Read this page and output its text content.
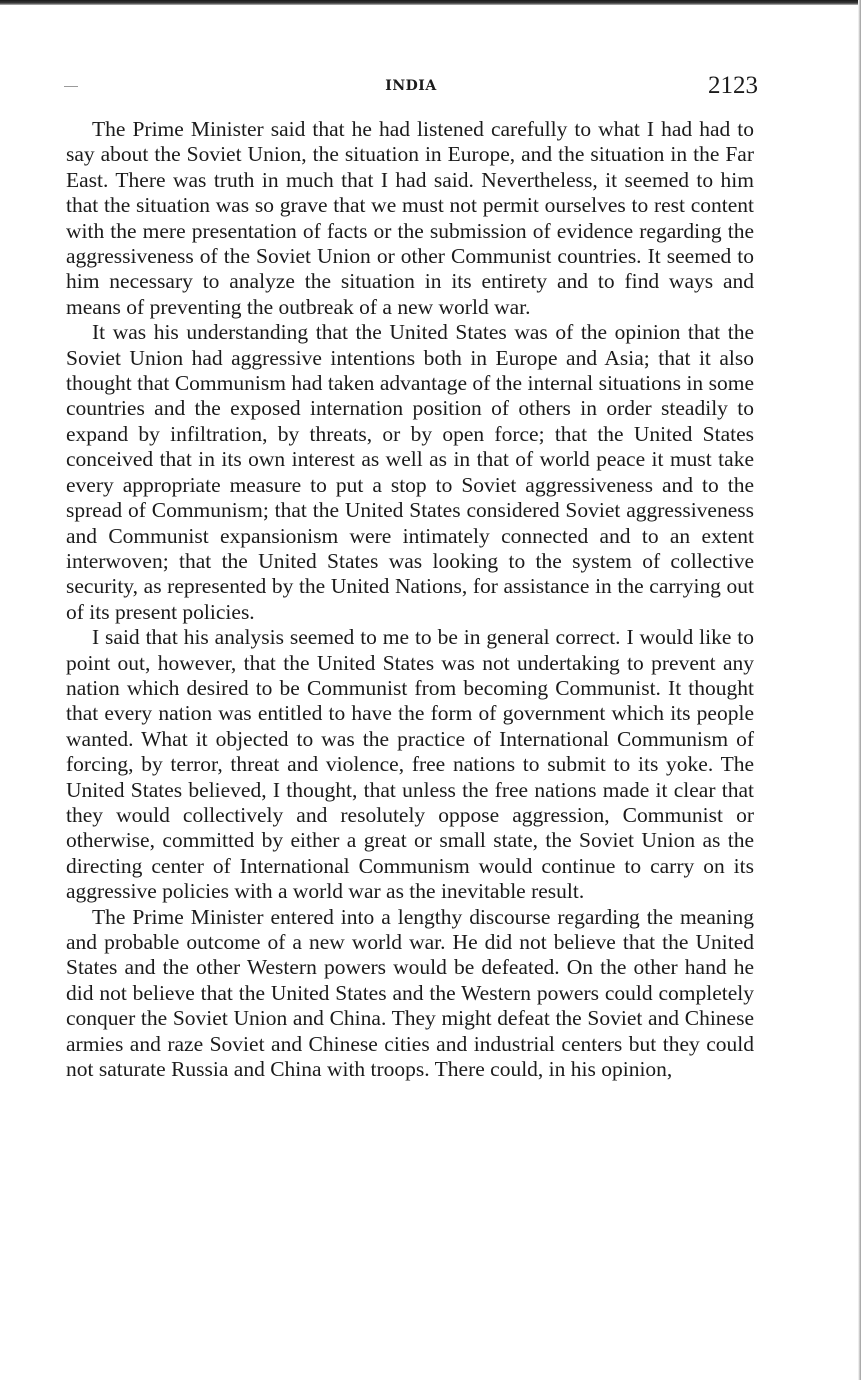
INDIA	2123

The Prime Minister said that he had listened carefully to what I had had to say about the Soviet Union, the situation in Europe, and the situation in the Far East. There was truth in much that I had said. Nevertheless, it seemed to him that the situation was so grave that we must not permit ourselves to rest content with the mere presentation of facts or the submission of evidence regarding the aggressiveness of the Soviet Union or other Communist countries. It seemed to him necessary to analyze the situation in its entirety and to find ways and means of preventing the outbreak of a new world war.

It was his understanding that the United States was of the opinion that the Soviet Union had aggressive intentions both in Europe and Asia; that it also thought that Communism had taken advantage of the internal situations in some countries and the exposed internation position of others in order steadily to expand by infiltration, by threats, or by open force; that the United States conceived that in its own interest as well as in that of world peace it must take every appropriate measure to put a stop to Soviet aggressiveness and to the spread of Communism; that the United States considered Soviet aggressiveness and Communist expansionism were intimately connected and to an extent interwoven; that the United States was looking to the system of collective security, as represented by the United Nations, for assistance in the carrying out of its present policies.

I said that his analysis seemed to me to be in general correct. I would like to point out, however, that the United States was not undertaking to prevent any nation which desired to be Communist from becoming Communist. It thought that every nation was entitled to have the form of government which its people wanted. What it objected to was the practice of International Communism of forcing, by terror, threat and violence, free nations to submit to its yoke. The United States believed, I thought, that unless the free nations made it clear that they would collectively and resolutely oppose aggression, Communist or otherwise, committed by either a great or small state, the Soviet Union as the directing center of International Communism would continue to carry on its aggressive policies with a world war as the inevitable result.

The Prime Minister entered into a lengthy discourse regarding the meaning and probable outcome of a new world war. He did not believe that the United States and the other Western powers would be defeated. On the other hand he did not believe that the United States and the Western powers could completely conquer the Soviet Union and China. They might defeat the Soviet and Chinese armies and raze Soviet and Chinese cities and industrial centers but they could not saturate Russia and China with troops. There could, in his opinion,
